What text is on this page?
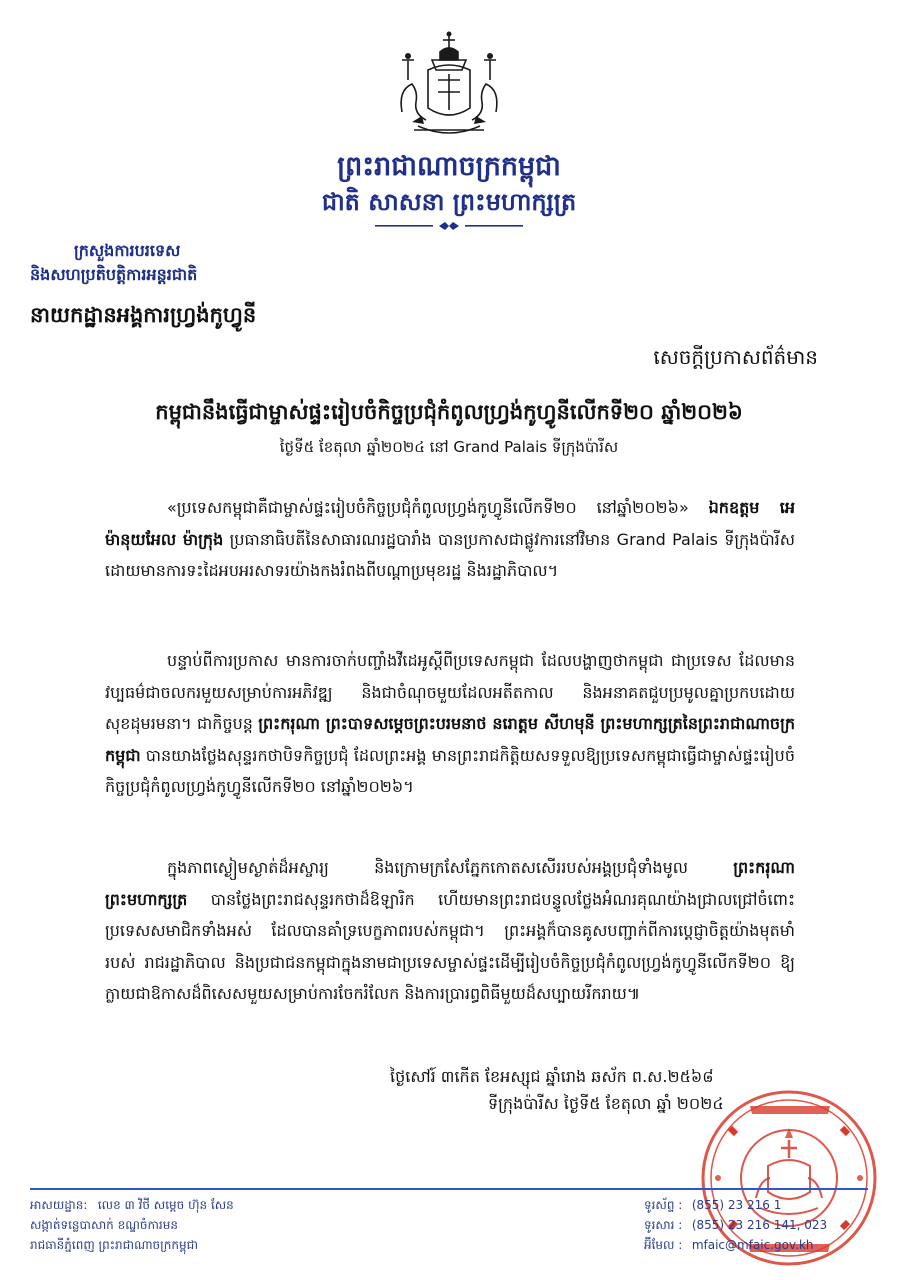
ព្រះរាជាណាចក្រកម្ពុជា
ជាតិ សាសនា ព្រះមហាក្សត្រ
ក្រសួងការបរទេស
និងសហប្រតិបត្តិការអន្តរជាតិ
នាយកដ្ឋានអង្គការហ្វ្រង់កូហ្វូនី
សេចក្តីប្រកាសព័ត៌មាន
កម្ពុជានឹងធ្វើជាម្ចាស់ផ្ទះរៀបចំកិច្ចប្រជុំកំពូលហ្វ្រង់កូហ្វូនីលើកទី២០ ឆ្នាំ២០២៦
ថ្ងៃទី៥ ខែតុលា ឆ្នាំ២០២៤ នៅ Grand Palais ទីក្រុងប៉ារីស
«ប្រទេសកម្ពុជាគឺជាម្ចាស់ផ្ទះរៀបចំកិច្ចប្រជុំកំពូលហ្វ្រង់កូហ្វូនីលើកទី២០ នៅឆ្នាំ២០២៦» ឯកឧត្តម អេម៉ានុយអែល ម៉ាក្រុង ប្រធានាធិបតីនៃសាធារណរដ្ឋបារាំង បានប្រកាសជាផ្លូវការនៅវិមាន Grand Palais ទីក្រុងប៉ារីស ដោយមានការទះដៃអបអរសាទរយ៉ាងកងរំពងពីបណ្តាប្រមុខរដ្ឋ និងរដ្ឋាភិបាល។
បន្ទាប់ពីការប្រកាស មានការចាក់បញ្ចាំងវីដេអូស្តីពីប្រទេសកម្ពុជា ដែលបង្ហាញថាកម្ពុជា ជាប្រទេស ដែលមានវប្បធម៌ជាចលករមួយសម្រាប់ការអភិវឌ្ឍ និងជាចំណុចមួយដែលអតីតកាល និងអនាគតជួបប្រមូលគ្នាប្រកបដោយសុខដុមរមនា។ ជាកិច្ចបន្ត ព្រះករុណា ព្រះបាទសម្តេចព្រះបរមនាថ នរោត្តម សីហមុនី ព្រះមហាក្សត្រនៃព្រះរាជាណាចក្រកម្ពុជា បានយាងថ្លែងសុន្ទរកថាបិទកិច្ចប្រជុំ ដែលព្រះអង្គ មានព្រះរាជកិត្តិយសទទួលឱ្យប្រទេសកម្ពុជាធ្វើជាម្ចាស់ផ្ទះរៀបចំកិច្ចប្រជុំកំពូលហ្វ្រង់កូហ្វូនីលើកទី២០ នៅឆ្នាំ២០២៦។
ក្នុងភាពស្ងៀមស្ងាត់ដ៏អស្ចារ្យ និងក្រោមក្រសែភ្នែកកោតសសើររបស់អង្គប្រជុំទាំងមូល ព្រះករុណា ព្រះមហាក្សត្រ បានថ្លែងព្រះរាជសុន្ទរកថាដ៏ឱឡារិក ហើយមានព្រះរាជបន្ទូលថ្លែងអំណរគុណយ៉ាងជ្រាលជ្រៅចំពោះប្រទេសសមាជិកទាំងអស់ ដែលបានគាំទ្របេក្ខភាពរបស់កម្ពុជា។ ព្រះអង្គក៏បានគូសបញ្ជាក់ពីការប្តេជ្ញាចិត្តយ៉ាងមុតមាំរបស់ រាជរដ្ឋាភិបាល និងប្រជាជនកម្ពុជាក្នុងនាមជាប្រទេសម្ចាស់ផ្ទះដើម្បីរៀបចំកិច្ចប្រជុំកំពូលហ្វ្រង់កូហ្វូនីលើកទី២០ ឱ្យក្លាយជាឱកាសដ៏ពិសេសមួយសម្រាប់ការចែករំលែក និងការប្រារព្ធពិធីមួយដ៏សប្បាយរីករាយ៕
ថ្ងៃសៅរ៍ ៣កើត ខែអស្សុជ ឆ្នាំរោង ឆស័ក ព.ស.២៥៦៨
ទីក្រុងប៉ារីស ថ្ងៃទី៥ ខែតុលា ឆ្នាំ ២០២៤
អាសយដ្ឋាន: លេខ ៣ វិថី សម្តេច ហ៊ុន សែន
សង្កាត់ទន្លេបាសាក់ ខណ្ឌចំការមន
រាជធានីភ្នំពេញ ព្រះរាជាណាចក្រកម្ពុជា
ទូរស័ព្ទ : (855) 23 216 1
ទូរសារ : (855) 23 216 141, 023
អ៊ីមែល : mfaic@mfaic.gov.kh
